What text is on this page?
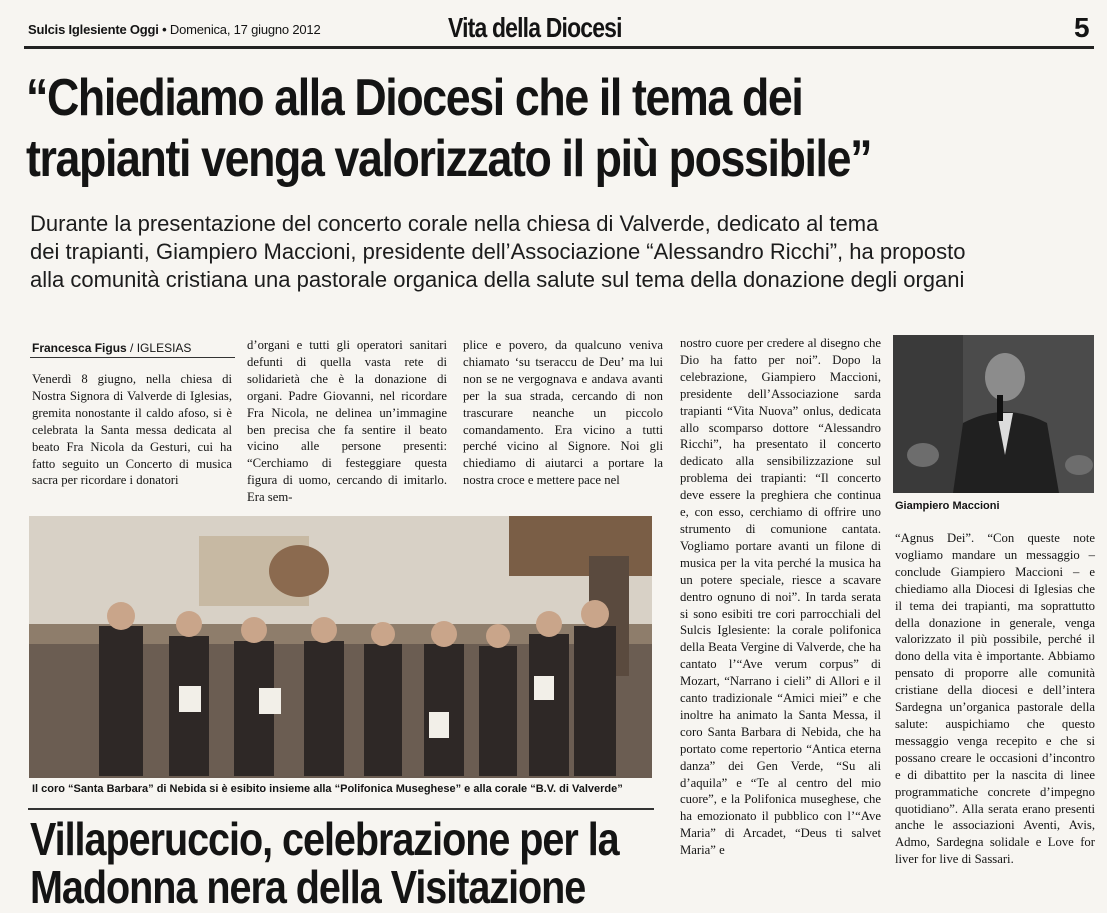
Sulcis Iglesiente Oggi • Domenica, 17 giugno 2012	Vita della Diocesi	5
“Chiediamo alla Diocesi che il tema dei
trapianti venga valorizzato il più possibile”

Durante la presentazione del concerto corale nella chiesa di Valverde, dedicato al tema
dei trapianti, Giampiero Maccioni, presidente dell’Associazione “Alessandro Ricchi”, ha proposto
alla comunità cristiana una pastorale organica della salute sul tema della donazione degli organi

Francesca Figus / IGLESIAS

Venerdì 8 giugno, nella chiesa di Nostra Signora di Valverde di Iglesias, gremita nonostante il caldo afoso, si è celebrata la Santa messa dedicata al beato Fra Nicola da Gesturi, cui ha fatto seguito un Concerto di musica sacra per ricordare i donatori

d’organi e tutti gli operatori sanitari defunti di quella vasta rete di solidarietà che è la donazione di organi. Padre Giovanni, nel ricordare Fra Nicola, ne delinea un’immagine ben precisa che fa sentire il beato vicino alle persone presenti: “Cerchiamo di festeggiare questa figura di uomo, cercando di imitarlo. Era sem-

plice e povero, da qualcuno veniva chiamato ‘su tseraccu de Deu’ ma lui non se ne vergognava e andava avanti per la sua strada, cercando di non trascurare neanche un piccolo comandamento. Era vicino a tutti perché vicino al Signore. Noi gli chiediamo di aiutarci a portare la nostra croce e mettere pace nel

nostro cuore per credere al disegno che Dio ha fatto per noi”. Dopo la celebrazione, Giampiero Maccioni, presidente dell’Associazione sarda trapianti “Vita Nuova” onlus, dedicata allo scomparso dottore “Alessandro Ricchi”, ha presentato il concerto dedicato alla sensibilizzazione sul problema dei trapianti: “Il concerto deve essere la preghiera che continua e, con esso, cerchiamo di offrire uno strumento di comunione cantata. Vogliamo portare avanti un filone di musica per la vita perché la musica ha un potere speciale, riesce a scavare dentro ognuno di noi”. In tarda serata si sono esibiti tre cori parrocchiali del Sulcis Iglesiente: la corale polifonica della Beata Vergine di Valverde, che ha cantato l’“Ave verum corpus” di Mozart, “Narrano i cieli” di Allori e il canto tradizionale “Amici miei” e che inoltre ha animato la Santa Messa, il coro Santa Barbara di Nebida, che ha portato come repertorio “Antica eterna danza” dei Gen Verde, “Su ali d’aquila” e “Te al centro del mio cuore”, e la Polifonica museghese, che ha emozionato il pubblico con l’“Ave Maria” di Arcadet, “Deus ti salvet Maria” e

“Agnus Dei”. “Con queste note vogliamo mandare un messaggio – conclude Giampiero Maccioni – e chiediamo alla Diocesi di Iglesias che il tema dei trapianti, ma soprattutto della donazione in generale, venga valorizzato il più possibile, perché il dono della vita è importante. Abbiamo pensato di proporre alle comunità cristiane della diocesi e dell’intera Sardegna un’organica pastorale della salute: auspichiamo che questo messaggio venga recepito e che si possano creare le occasioni d’incontro e di dibattito per la nascita di linee programmatiche concrete d’impegno quotidiano”. Alla serata erano presenti anche le associazioni Aventi, Avis, Admo, Sardegna solidale e Love for liver for live di Sassari.

Giampiero Maccioni
Il coro “Santa Barbara” di Nebida si è esibito insieme alla “Polifonica Museghese” e alla corale “B.V. di Valverde”
Villaperuccio, celebrazione per la
Madonna nera della Visitazione
